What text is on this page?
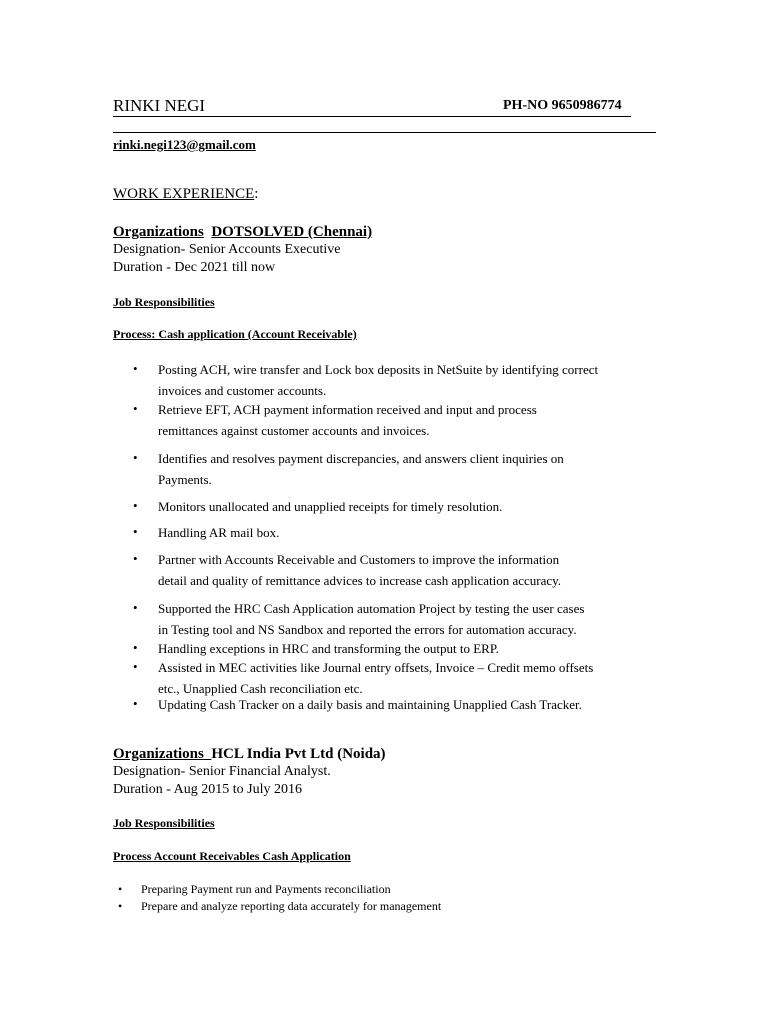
RINKI NEGI	PH-NO 9650986774
rinki.negi123@gmail.com
WORK EXPERIENCE:
Organizations DOTSOLVED (Chennai)
Designation- Senior Accounts Executive
Duration - Dec 2021 till now
Job Responsibilities
Process: Cash application (Account Receivable)
• Posting ACH, wire transfer and Lock box deposits in NetSuite by identifying correct
invoices and customer accounts.
• Retrieve EFT, ACH payment information received and input and process
remittances against customer accounts and invoices.
• Identifies and resolves payment discrepancies, and answers client inquiries on
Payments.
• Monitors unallocated and unapplied receipts for timely resolution.
• Handling AR mail box.
• Partner with Accounts Receivable and Customers to improve the information
detail and quality of remittance advices to increase cash application accuracy.
• Supported the HRC Cash Application automation Project by testing the user cases
in Testing tool and NS Sandbox and reported the errors for automation accuracy.
• Handling exceptions in HRC and transforming the output to ERP.
• Assisted in MEC activities like Journal entry offsets, Invoice – Credit memo offsets
etc., Unapplied Cash reconciliation etc.
• Updating Cash Tracker on a daily basis and maintaining Unapplied Cash Tracker.
Organizations HCL India Pvt Ltd (Noida)
Designation- Senior Financial Analyst.
Duration - Aug 2015 to July 2016
Job Responsibilities
Process Account Receivables Cash Application
• Preparing Payment run and Payments reconciliation
• Prepare and analyze reporting data accurately for management
